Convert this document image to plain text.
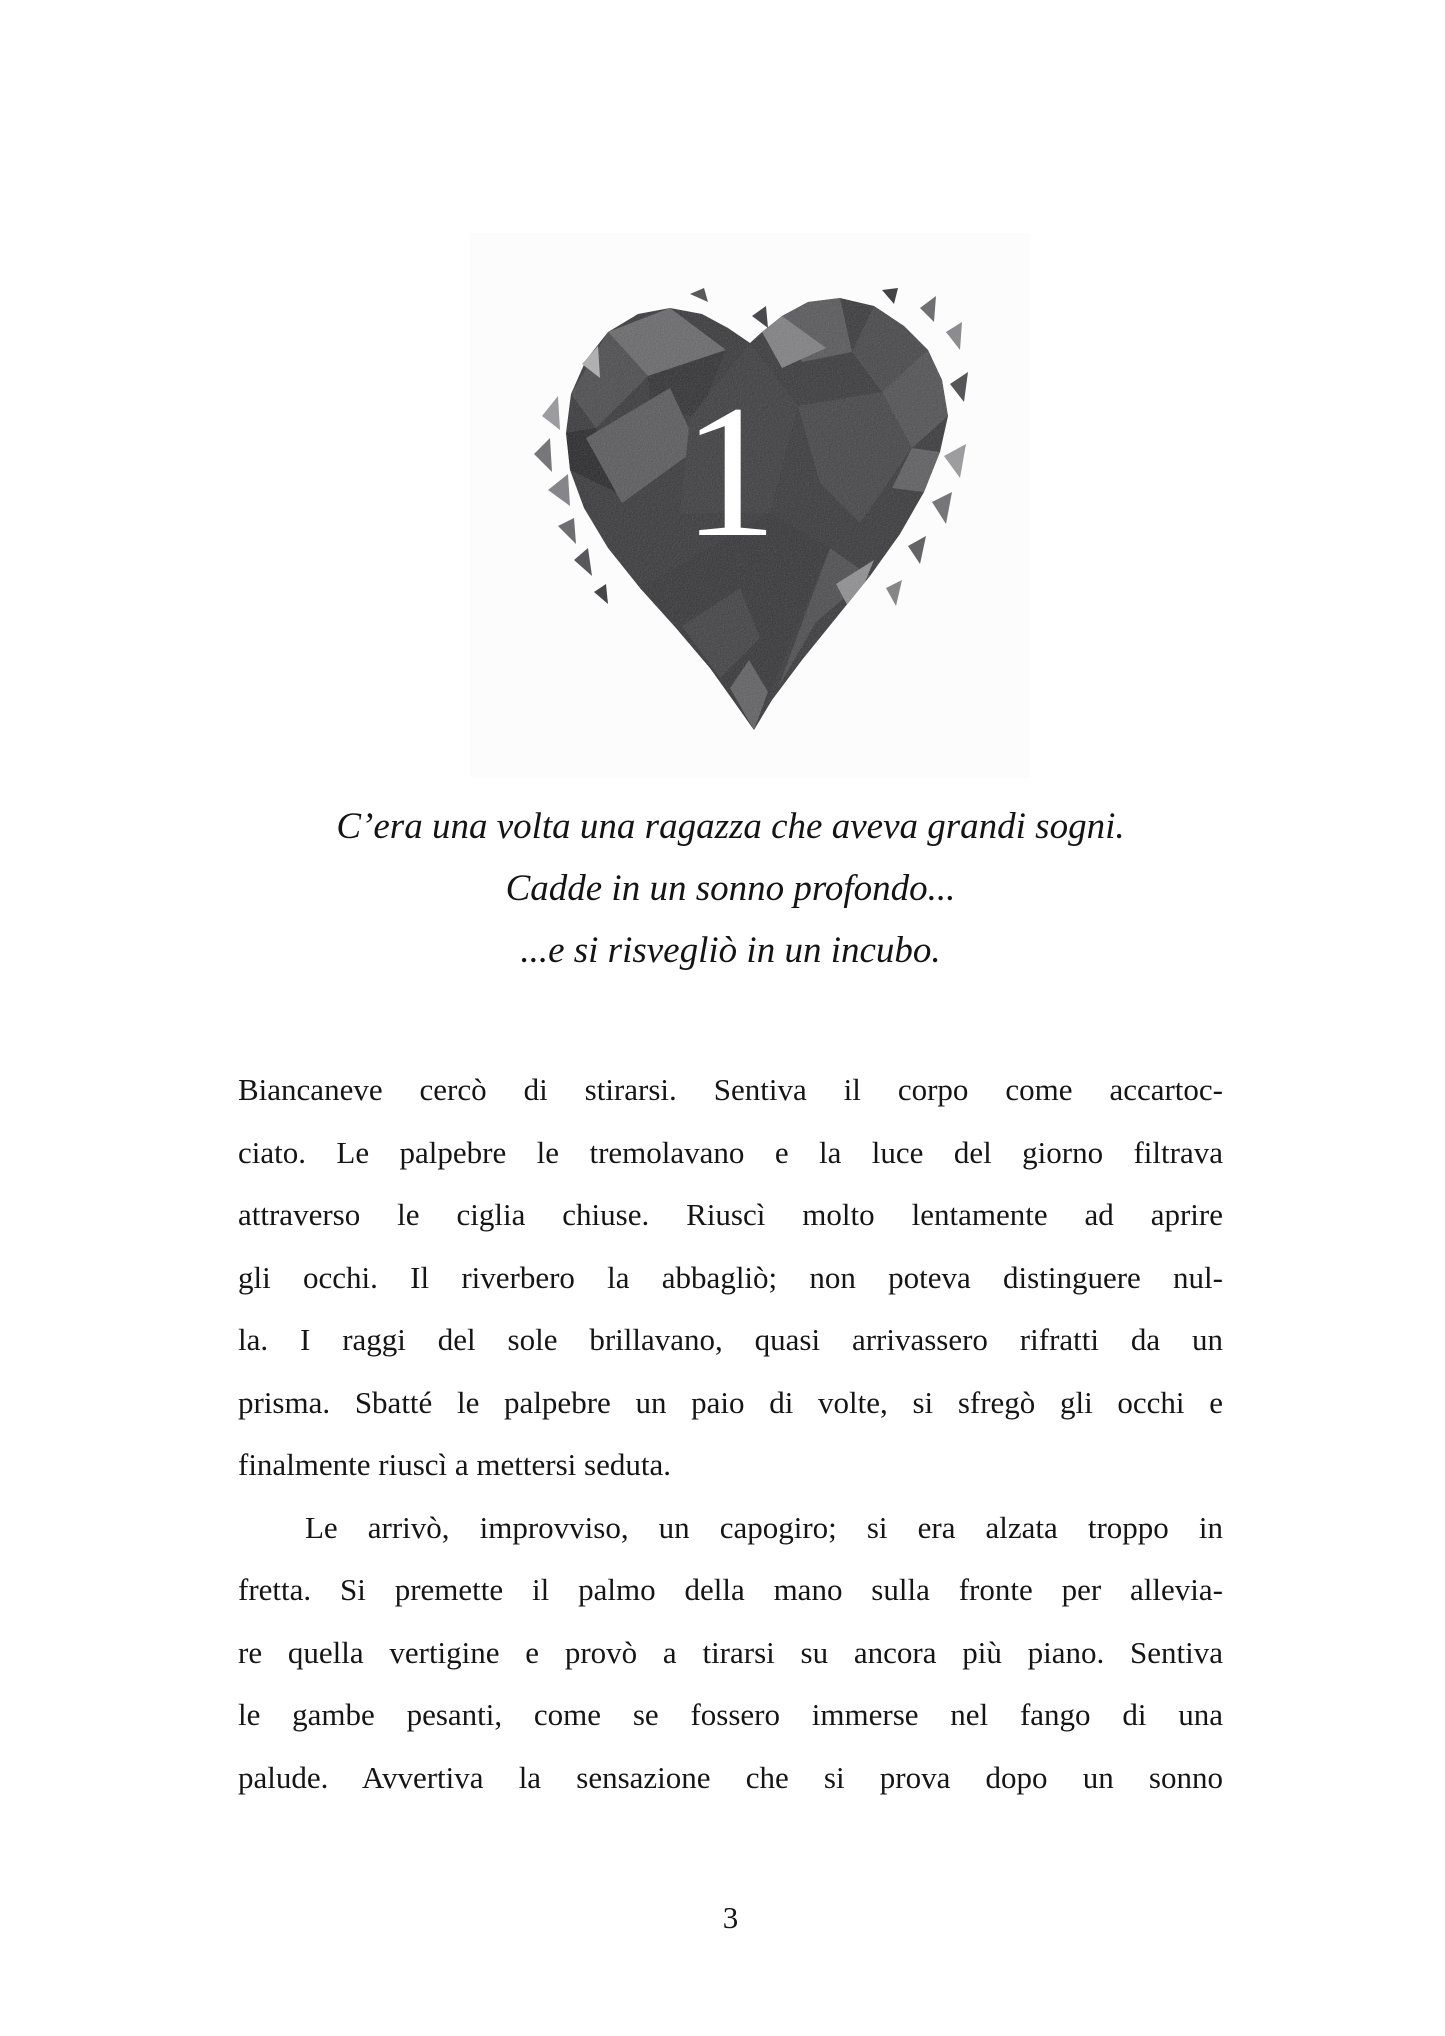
1

C’era una volta una ragazza che aveva grandi sogni.

Cadde in un sonno profondo...

...e si risvegliò in un incubo.

Biancaneve cercò di stirarsi. Sentiva il corpo come accartoc-

ciato. Le palpebre le tremolavano e la luce del giorno filtrava

attraverso le ciglia chiuse. Riuscì molto lentamente ad aprire

gli occhi. Il riverbero la abbagliò; non poteva distinguere nul-

la. I raggi del sole brillavano, quasi arrivassero rifratti da un

prisma. Sbatté le palpebre un paio di volte, si sfregò gli occhi e

finalmente riuscì a mettersi seduta.

Le arrivò, improvviso, un capogiro; si era alzata troppo in

fretta. Si premette il palmo della mano sulla fronte per allevia-

re quella vertigine e provò a tirarsi su ancora più piano. Sentiva

le gambe pesanti, come se fossero immerse nel fango di una

palude. Avvertiva la sensazione che si prova dopo un sonno

3
